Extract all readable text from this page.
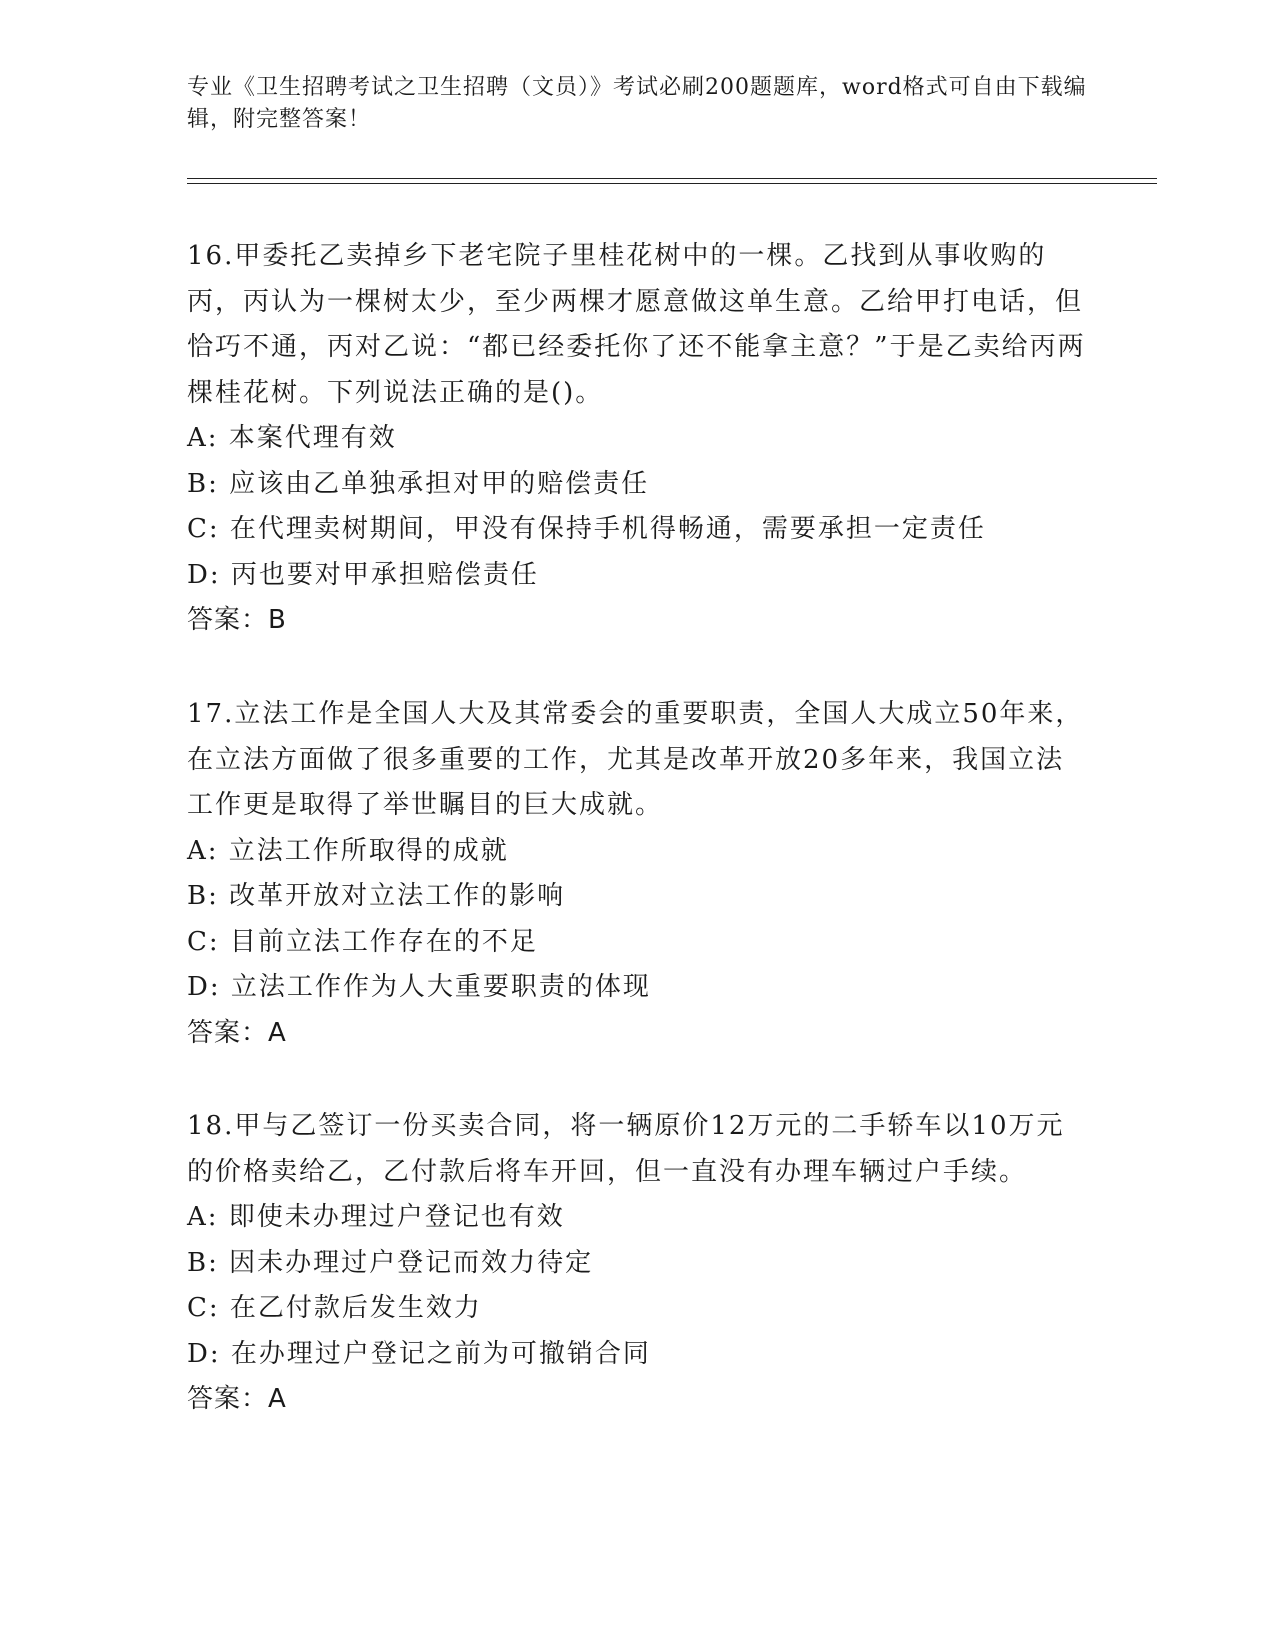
专业《卫生招聘考试之卫生招聘（文员）》考试必刷200题题库，word格式可自由下载编辑，附完整答案！

16.甲委托乙卖掉乡下老宅院子里桂花树中的一棵。乙找到从事收购的丙，丙认为一棵树太少，至少两棵才愿意做这单生意。乙给甲打电话，但恰巧不通，丙对乙说：“都已经委托你了还不能拿主意？”于是乙卖给丙两棵桂花树。下列说法正确的是()。

A: 本案代理有效

B: 应该由乙单独承担对甲的赔偿责任

C: 在代理卖树期间，甲没有保持手机得畅通，需要承担一定责任

D: 丙也要对甲承担赔偿责任

答案：B

17.立法工作是全国人大及其常委会的重要职责，全国人大成立50年来，在立法方面做了很多重要的工作，尤其是改革开放20多年来，我国立法工作更是取得了举世瞩目的巨大成就。

A: 立法工作所取得的成就

B: 改革开放对立法工作的影响

C: 目前立法工作存在的不足

D: 立法工作作为人大重要职责的体现

答案：A

18.甲与乙签订一份买卖合同，将一辆原价12万元的二手轿车以10万元的价格卖给乙，乙付款后将车开回，但一直没有办理车辆过户手续。

A: 即使未办理过户登记也有效

B: 因未办理过户登记而效力待定

C: 在乙付款后发生效力

D: 在办理过户登记之前为可撤销合同

答案：A
